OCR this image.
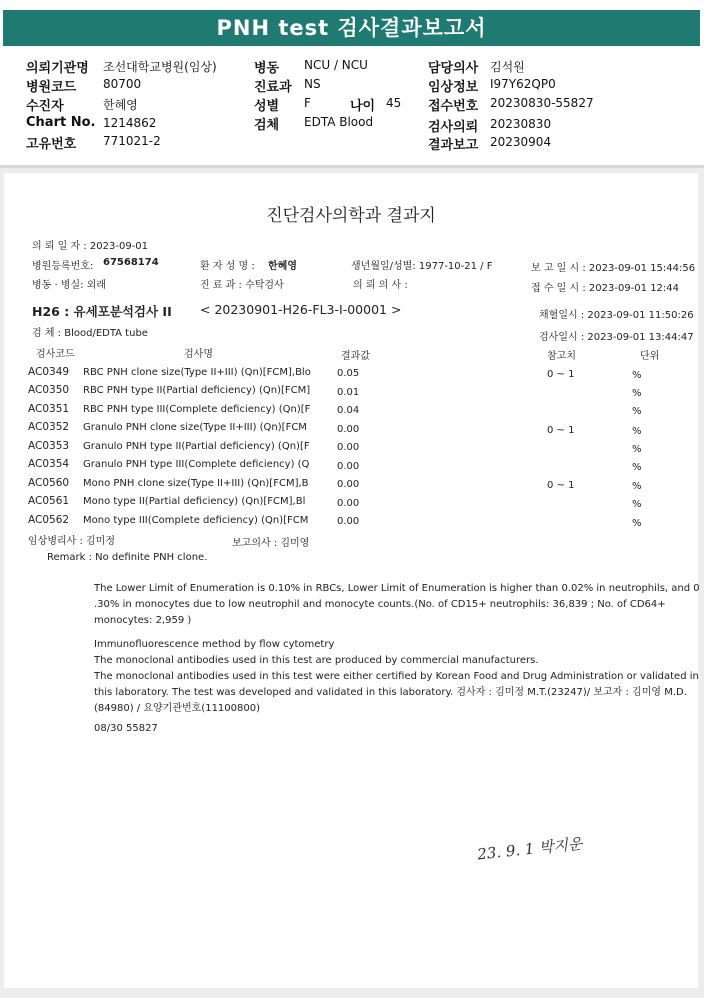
PNH test 검사결과보고서
의뢰기관명 조선대학교병원(임상)
병원코드 80700
수진자	한혜영
Chart No. 1214862
고유번호 771021-2
병동 NCU / NCU
진료과 NS
성별 F	나이 45
검체 EDTA Blood
담당의사 김석원
임상정보 I97Y62QP0
접수번호 20230830-55827
검사의뢰 20230830
결과보고 20230904
진단검사의학과 결과지
의 뢰 일 자 : 2023-09-01
병원등록번호: 67568174	환 자 성 명 : 한혜영	생년월일/성별: 1977-10-21 / F	보 고 일 시 : 2023-09-01 15:44:56
병동 · 병실: 외래	진 료 과 : 수탁검사	의 뢰 의 사 :	접 수 일 시 : 2023-09-01 12:44
H26 : 유세포분석검사 II < 20230901-H26-FL3-I-00001 >	채혈일시 : 2023-09-01 11:50:26
검 체 : Blood/EDTA tube	검사일시 : 2023-09-01 13:44:47
검사코드	검사명	결과값	참고치	단위
AC0349 RBC PNH clone size(Type II+III) (Qn)[FCM],Blo	0.05	0 ~ 1	%
AC0350 RBC PNH type II(Partial deficiency) (Qn)[FCM]	0.01	%
AC0351 RBC PNH type III(Complete deficiency) (Qn)[F	0.04	%
AC0352 Granulo PNH clone size(Type II+III) (Qn)[FCM	0.00	0 ~ 1	%
AC0353 Granulo PNH type II(Partial deficiency) (Qn)[F	0.00	%
AC0354 Granulo PNH type III(Complete deficiency) (Q	0.00	%
AC0560 Mono PNH clone size(Type II+III) (Qn)[FCM],B	0.00	0 ~ 1	%
AC0561 Mono type II(Partial deficiency) (Qn)[FCM],Bl	0.00	%
AC0562 Mono type III(Complete deficiency) (Qn)[FCM	0.00	%
임상병리사 : 김미정	보고의사 : 김미영
Remark : No definite PNH clone.
The Lower Limit of Enumeration is 0.10% in RBCs, Lower Limit of Enumeration is higher than 0.02% in neutrophils, and 0
.30% in monocytes due to low neutrophil and monocyte counts.(No. of CD15+ neutrophils: 36,839 ; No. of CD64+
monocytes: 2,959 )
Immunofluorescence method by flow cytometry
The monoclonal antibodies used in this test are produced by commercial manufacturers.
The monoclonal antibodies used in this test were either certified by Korean Food and Drug Administration or validated in
this laboratory. The test was developed and validated in this laboratory. 검사자 : 김미정 M.T.(23247)/ 보고자 : 김미영 M.D.
(84980) / 요양기관번호(11100800)
08/30 55827
23. 9. 1 박지운
